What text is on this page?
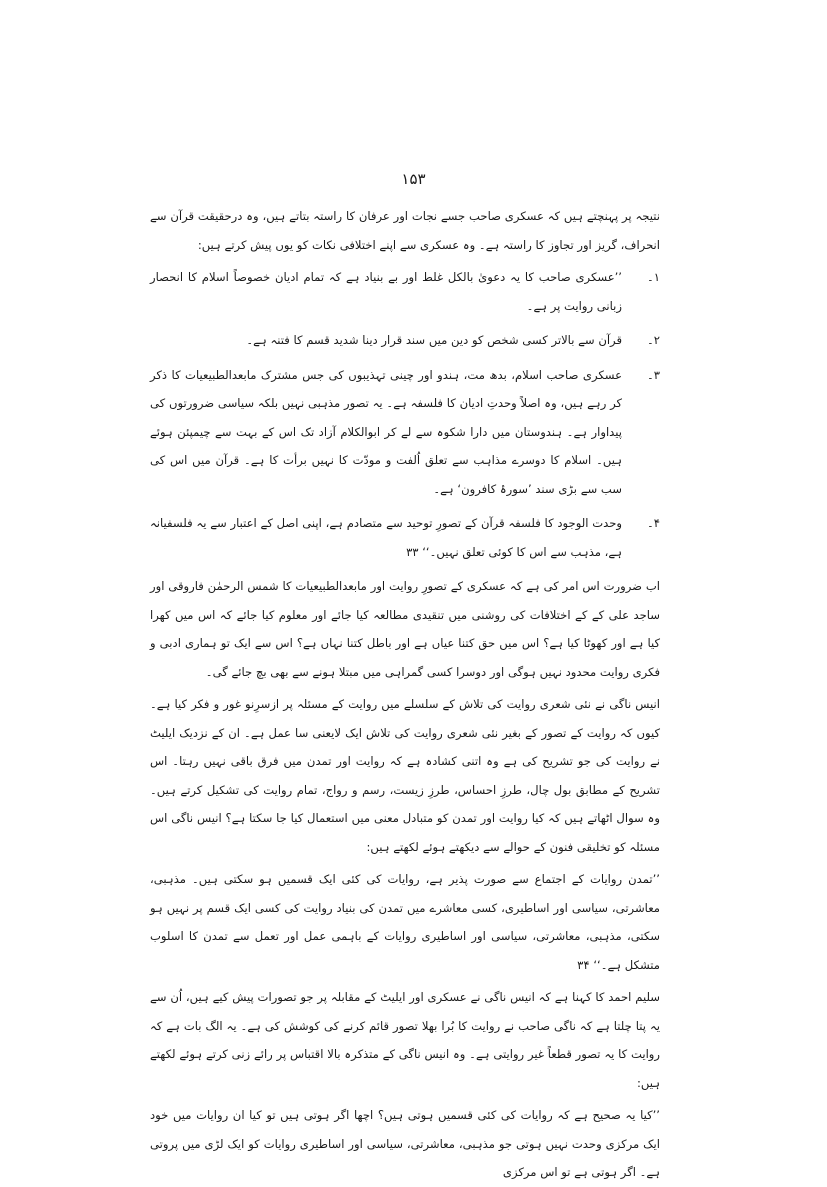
۱۵۳

نتیجہ پر پہنچتے ہیں کہ عسکری صاحب جسے نجات اور عرفان کا راستہ بتاتے ہیں، وہ درحقیقت قرآن سے انحراف، گریز اور تجاوز کا راستہ ہے۔ وہ عسکری سے اپنے اختلافی نکات کو یوں پیش کرتے ہیں:

۱۔
’’عسکری صاحب کا یہ دعویٰ بالکل غلط اور بے بنیاد ہے کہ تمام ادیان خصوصاً اسلام کا انحصار زبانی روایت پر ہے۔
۲۔
قرآن سے بالاتر کسی شخص کو دین میں سند قرار دینا شدید قسم کا فتنہ ہے۔
۳۔
عسکری صاحب اسلام، بدھ مت، ہندو اور چینی تہذیبوں کی جس مشترک مابعدالطبیعیات کا ذکر کر رہے ہیں، وہ اصلاً وحدتِ ادیان کا فلسفہ ہے۔ یہ تصور مذہبی نہیں بلکہ سیاسی ضرورتوں کی پیداوار ہے۔ ہندوستان میں دارا شکوہ سے لے کر ابوالکلام آزاد تک اس کے بہت سے چیمپئن ہوئے ہیں۔ اسلام کا دوسرے مذاہب سے تعلق اُلفت و مودّت کا نہیں برأت کا ہے۔ قرآن میں اس کی سب سے بڑی سند ’سورۂ کافرون‘ ہے۔
۴۔
وحدت الوجود کا فلسفہ قرآن کے تصورِ توحید سے متصادم ہے، اپنی اصل کے اعتبار سے یہ فلسفیانہ ہے، مذہب سے اس کا کوئی تعلق نہیں۔‘‘ ۳۳

اب ضرورت اس امر کی ہے کہ عسکری کے تصورِ روایت اور مابعدالطبیعیات کا شمس الرحمٰن فاروقی اور ساجد علی کے کے اختلافات کی روشنی میں تنقیدی مطالعہ کیا جائے اور معلوم کیا جائے کہ اس میں کھرا کیا ہے اور کھوٹا کیا ہے؟ اس میں حق کتنا عیاں ہے اور باطل کتنا نہاں ہے؟ اس سے ایک تو ہماری ادبی و فکری روایت محدود نہیں ہوگی اور دوسرا کسی گمراہی میں مبتلا ہونے سے بھی بچ جائے گی۔

انیس ناگی نے نئی شعری روایت کی تلاش کے سلسلے میں روایت کے مسئلہ پر ازسرِنو غور و فکر کیا ہے۔ کیوں کہ روایت کے تصور کے بغیر نئی شعری روایت کی تلاش ایک لایعنی سا عمل ہے۔ ان کے نزدیک ایلیٹ نے روایت کی جو تشریح کی ہے وہ اتنی کشادہ ہے کہ روایت اور تمدن میں فرق باقی نہیں رہتا۔ اس تشریح کے مطابق بول چال، طرزِ احساس، طرزِ زیست، رسم و رواج، تمام روایت کی تشکیل کرتے ہیں۔ وہ سوال اٹھاتے ہیں کہ کیا روایت اور تمدن کو متبادل معنی میں استعمال کیا جا سکتا ہے؟ انیس ناگی اس مسئلہ کو تخلیقی فنون کے حوالے سے دیکھتے ہوئے لکھتے ہیں:

’’تمدن روایات کے اجتماع سے صورت پذیر ہے، روایات کی کئی ایک قسمیں ہو سکتی ہیں۔ مذہبی، معاشرتی، سیاسی اور اساطیری، کسی معاشرے میں تمدن کی بنیاد روایت کی کسی ایک قسم پر نہیں ہو سکتی، مذہبی، معاشرتی، سیاسی اور اساطیری روایات کے باہمی عمل اور تعمل سے تمدن کا اسلوب متشکل ہے۔‘‘ ۳۴

سلیم احمد کا کہنا ہے کہ انیس ناگی نے عسکری اور ایلیٹ کے مقابلہ پر جو تصورات پیش کیے ہیں، اُن سے یہ پتا چلتا ہے کہ ناگی صاحب نے روایت کا بُرا بھلا تصور قائم کرنے کی کوشش کی ہے۔ یہ الگ بات ہے کہ روایت کا یہ تصور قطعاً غیر روایتی ہے۔ وہ انیس ناگی کے متذکرہ بالا اقتباس پر رائے زنی کرتے ہوئے لکھتے ہیں:

’’کیا یہ صحیح ہے کہ روایات کی کئی قسمیں ہوتی ہیں؟ اچھا اگر ہوتی ہیں تو کیا ان روایات میں خود ایک مرکزی وحدت نہیں ہوتی جو مذہبی، معاشرتی، سیاسی اور اساطیری روایات کو ایک لڑی میں پروتی ہے۔ اگر ہوتی ہے تو اس مرکزی
